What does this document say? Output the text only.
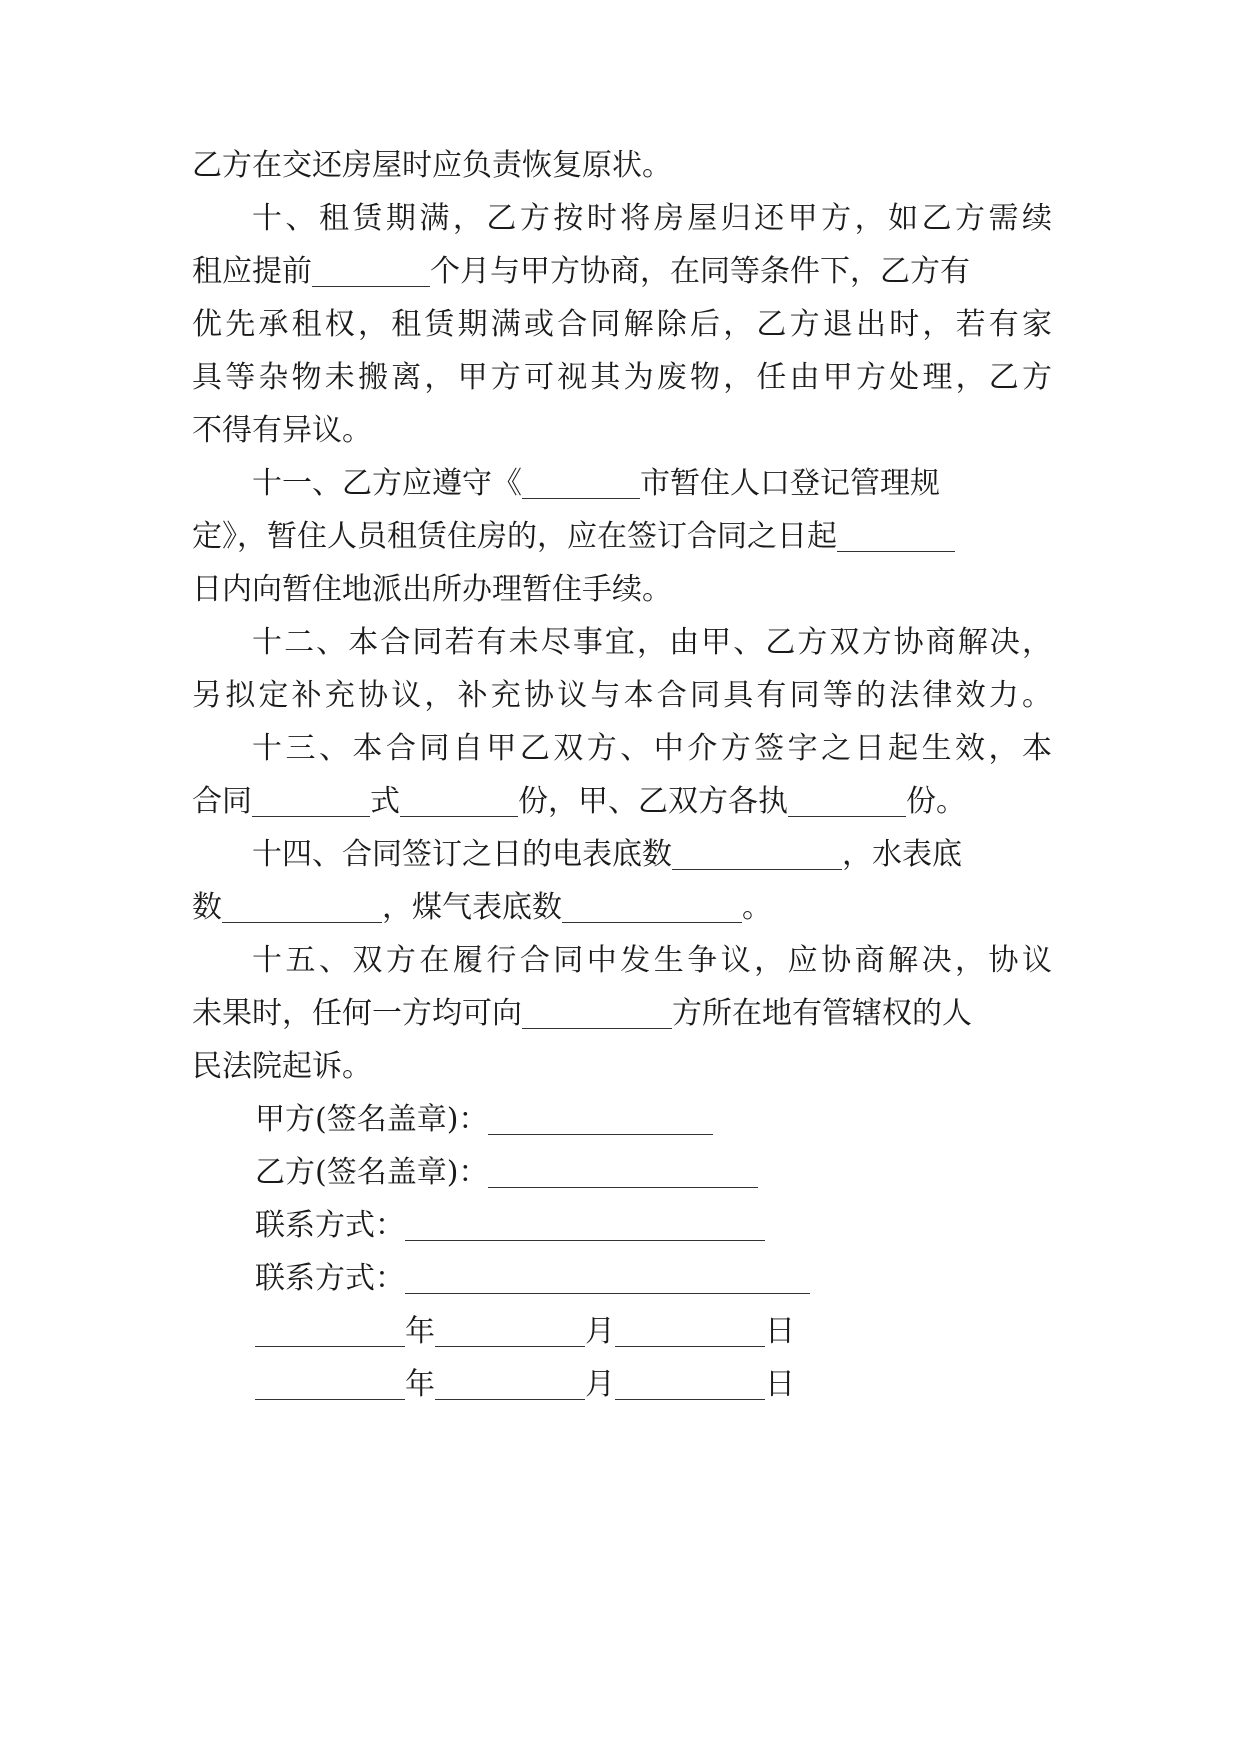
乙方在交还房屋时应负责恢复原状。
十、租赁期满，乙方按时将房屋归还甲方，如乙方需续
租应提前	个月与甲方协商，在同等条件下，乙方有
优先承租权，租赁期满或合同解除后，乙方退出时，若有家
具等杂物未搬离，甲方可视其为废物，任由甲方处理，乙方
不得有异议。
十一、乙方应遵守《	市暂住人口登记管理规
定》，暂住人员租赁住房的，应在签订合同之日起
日内向暂住地派出所办理暂住手续。
十二、本合同若有未尽事宜，由甲、乙方双方协商解决，
另拟定补充协议，补充协议与本合同具有同等的法律效力。
十三、本合同自甲乙双方、中介方签字之日起生效，本
合同	式	份，甲、乙双方各执	份。
十四、合同签订之日的电表底数	，水表底
数	，煤气表底数	。
十五、双方在履行合同中发生争议，应协商解决，协议
未果时，任何一方均可向	方所在地有管辖权的人
民法院起诉。
甲方(签名盖章)：
乙方(签名盖章)：
联系方式：
联系方式：
年	月	日
年	月	日
